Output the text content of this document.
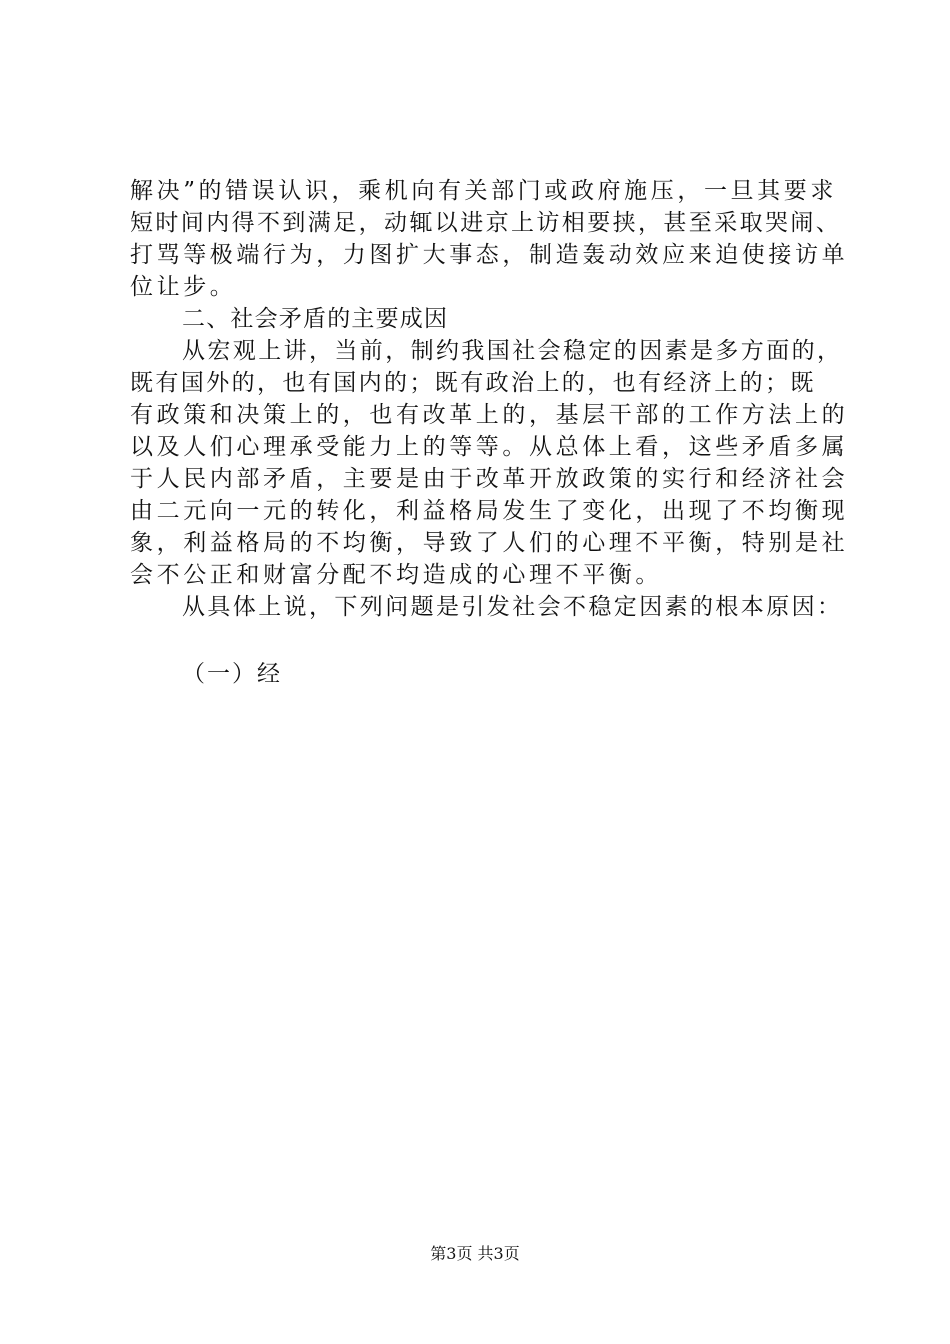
解决”的错误认识，乘机向有关部门或政府施压，一旦其要求
短时间内得不到满足，动辄以进京上访相要挟，甚至采取哭闹、
打骂等极端行为，力图扩大事态，制造轰动效应来迫使接访单
位让步。
二、社会矛盾的主要成因
从宏观上讲，当前，制约我国社会稳定的因素是多方面的，
既有国外的，也有国内的；既有政治上的，也有经济上的；既
有政策和决策上的，也有改革上的，基层干部的工作方法上的
以及人们心理承受能力上的等等。从总体上看，这些矛盾多属
于人民内部矛盾，主要是由于改革开放政策的实行和经济社会
由二元向一元的转化，利益格局发生了变化，出现了不均衡现
象，利益格局的不均衡，导致了人们的心理不平衡，特别是社
会不公正和财富分配不均造成的心理不平衡。
从具体上说，下列问题是引发社会不稳定因素的根本原因：
（一）经
第3页 共3页
